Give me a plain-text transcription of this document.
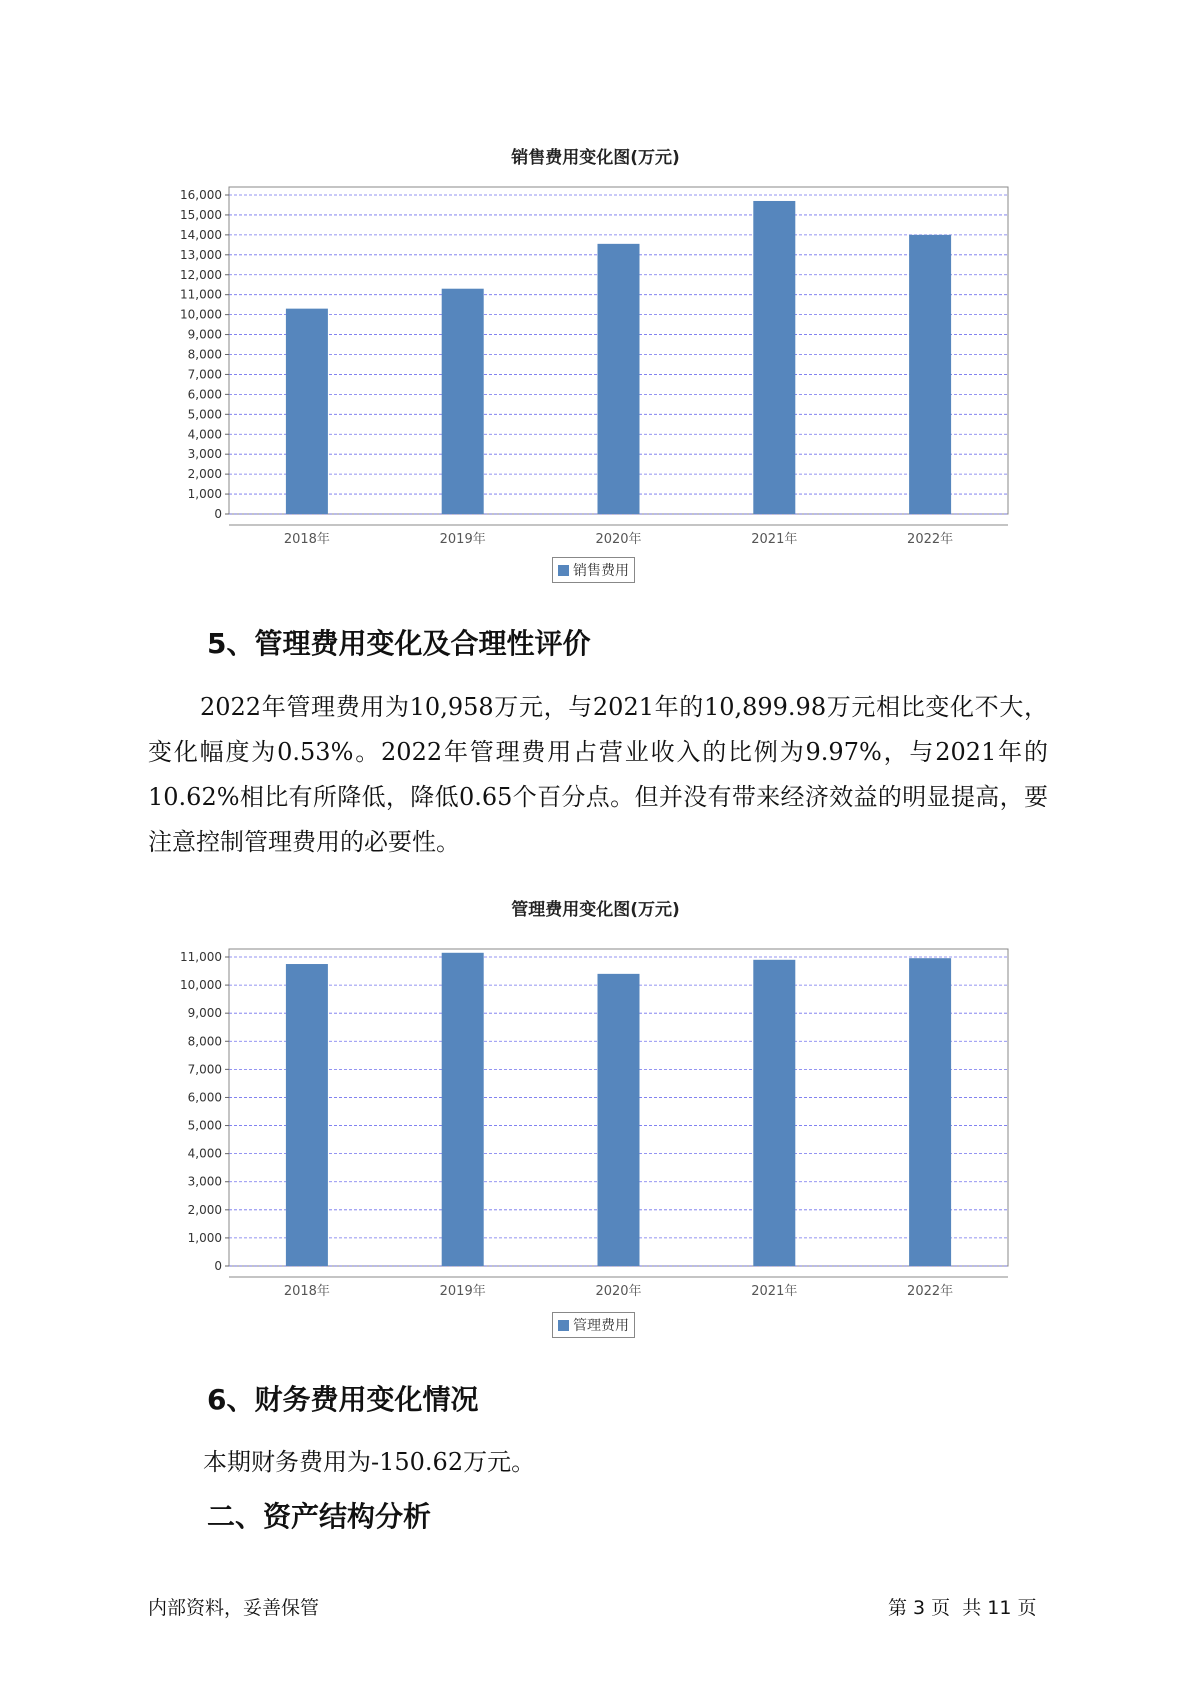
销售费用变化图(万元)
0
1,000
2,000
3,000
4,000
5,000
6,000
7,000
8,000
9,000
10,000
11,000
12,000
13,000
14,000
15,000
16,000
2018年	2019年	2020年	2021年	2022年
销售费用
5、管理费用变化及合理性评价

2022年管理费用为10,958万元，与2021年的10,899.98万元相比变化不大，变化幅度为0.53%。2022年管理费用占营业收入的比例为9.97%，与2021年的10.62%相比有所降低，降低0.65个百分点。但并没有带来经济效益的明显提高，要注意控制管理费用的必要性。

管理费用变化图(万元)
0
1,000
2,000
3,000
4,000
5,000
6,000
7,000
8,000
9,000
10,000
11,000
2018年	2019年	2020年	2021年	2022年
管理费用
6、财务费用变化情况
本期财务费用为-150.62万元。
二、资产结构分析
内部资料，妥善保管	第 3 页  共 11 页
